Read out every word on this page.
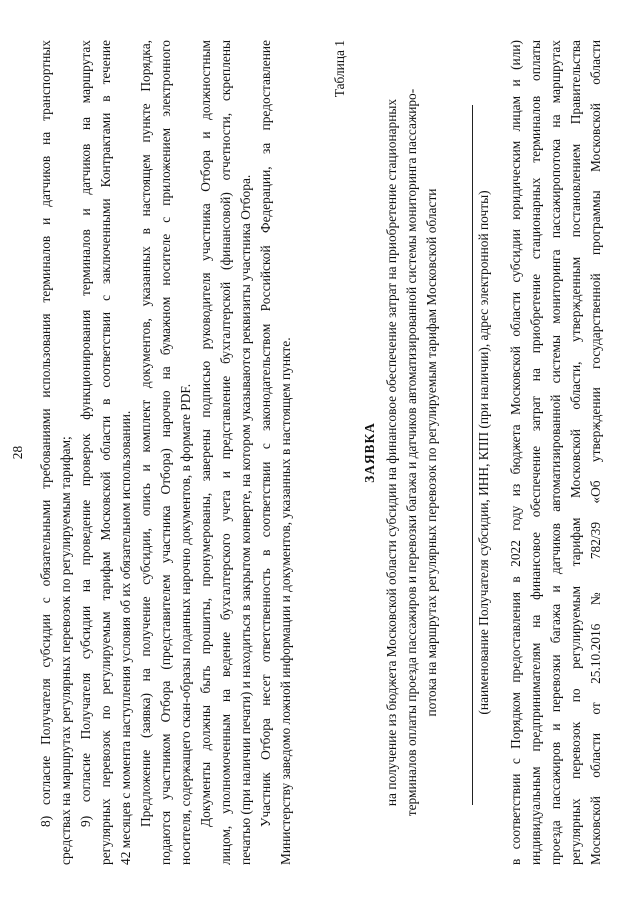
28 8) согласие Получателя субсидии с обязательными требованиями использования терминалов и датчиков на транспортных средствах на маршрутах регулярных перевозок по регулируемым тарифам; 9) согласие Получателя субсидии на проведение проверок функционирования терминалов и датчиков на маршрутах регулярных перевозок по регулируемым тарифам Московской области в соответствии с заключенными Контрактами в течение 42 месяцев с момента наступления условия об их обязательном использовании. Предложение (заявка) на получение субсидии, опись и комплект документов, указанных в настоящем пункте Порядка, подаются участником Отбора (представителем участника Отбора) нарочно на бумажном носителе с приложением электронного носителя, содержащего скан-образы поданных нарочно документов, в формате PDF. Документы должны быть прошиты, пронумерованы, заверены подписью руководителя участника Отбора и должностным лицом, уполномоченным на ведение бухгалтерского учета и представление бухгалтерской (финансовой) отчетности, скреплены печатью (при наличии печати) и находиться в закрытом конверте, на котором указываются реквизиты участника Отбора. Участник Отбора несет ответственность в соответствии с законодательством Российской Федерации, за предоставление Министерству заведомо ложной информации и документов, указанных в настоящем пункте.
Таблица 1
ЗАЯВКА на получение из бюджета Московской области субсидии на финансовое обеспечение затрат на приобретение стационарных терминалов оплаты проезда пассажиров и перевозки багажа и датчиков автоматизированной системы мониторинга пассажиро- потока на маршрутах регулярных перевозок по регулируемым тарифам Московской области	(наименование Получателя субсидии, ИНН, КПП (при наличии), адрес электронной почты) в соответствии с Порядком предоставления в 2022 году из бюджета Московской области субсидии юридическим лицам и (или) индивидуальным предпринимателям на финансовое обеспечение затрат на приобретение стационарных терминалов оплаты проезда пассажиров и перевозки багажа и датчиков автоматизированной системы мониторинга пассажиропотока на маршрутах регулярных перевозок по регулируемым тарифам Московской области, утвержденным постановлением Правительства Московской области от 25.10.2016 № 782/39 «Об утверждении государственной программы Московской области
